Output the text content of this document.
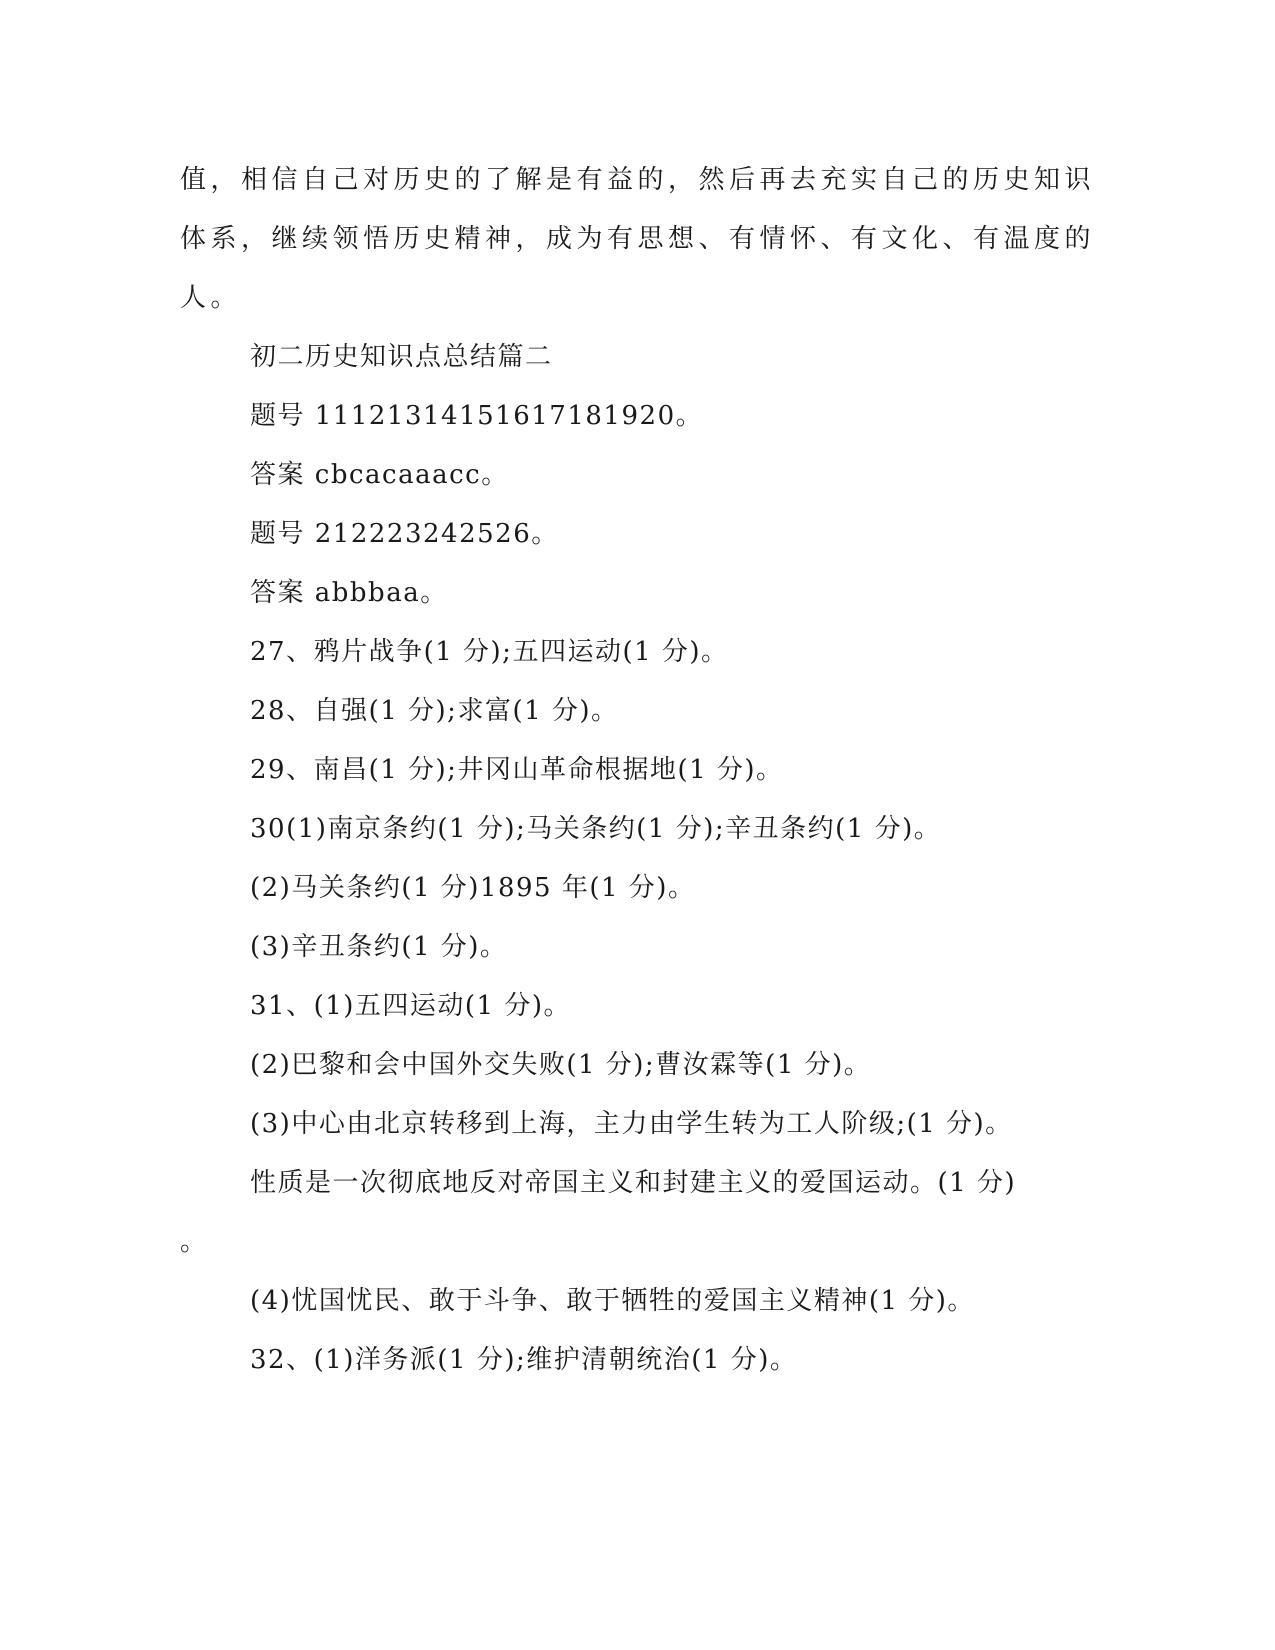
值，相信自己对历史的了解是有益的，然后再去充实自己的历史知识
体系，继续领悟历史精神，成为有思想、有情怀、有文化、有温度的
人。
初二历史知识点总结篇二
题号 11121314151617181920。
答案 cbcacaaacc。
题号 212223242526。
答案 abbbaa。
27、鸦片战争(1 分);五四运动(1 分)。
28、自强(1 分);求富(1 分)。
29、南昌(1 分);井冈山革命根据地(1 分)。
30(1)南京条约(1 分);马关条约(1 分);辛丑条约(1 分)。
(2)马关条约(1 分)1895 年(1 分)。
(3)辛丑条约(1 分)。
31、(1)五四运动(1 分)。
(2)巴黎和会中国外交失败(1 分);曹汝霖等(1 分)。
(3)中心由北京转移到上海，主力由学生转为工人阶级;(1 分)。
性质是一次彻底地反对帝国主义和封建主义的爱国运动。(1 分)
。
(4)忧国忧民、敢于斗争、敢于牺牲的爱国主义精神(1 分)。
32、(1)洋务派(1 分);维护清朝统治(1 分)。
